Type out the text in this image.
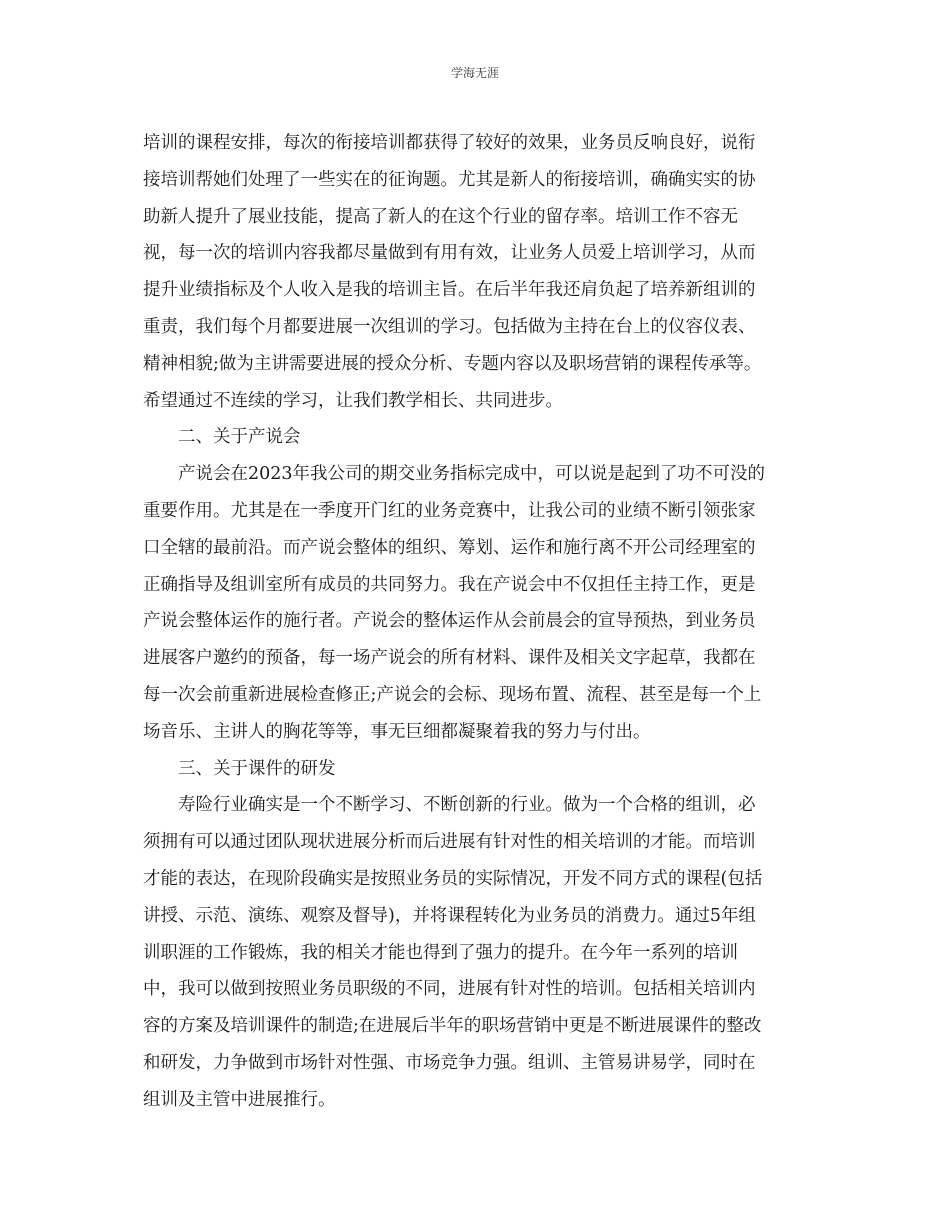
学海无涯
培训的课程安排，每次的衔接培训都获得了较好的效果，业务员反响良好，说衔
接培训帮她们处理了一些实在的征询题。尤其是新人的衔接培训，确确实实的协
助新人提升了展业技能，提高了新人的在这个行业的留存率。培训工作不容无
视，每一次的培训内容我都尽量做到有用有效，让业务人员爱上培训学习，从而
提升业绩指标及个人收入是我的培训主旨。在后半年我还肩负起了培养新组训的
重责，我们每个月都要进展一次组训的学习。包括做为主持在台上的仪容仪表、
精神相貌;做为主讲需要进展的授众分析、专题内容以及职场营销的课程传承等。
希望通过不连续的学习，让我们教学相长、共同进步。
二、关于产说会
产说会在2023年我公司的期交业务指标完成中，可以说是起到了功不可没的
重要作用。尤其是在一季度开门红的业务竞赛中，让我公司的业绩不断引领张家
口全辖的最前沿。而产说会整体的组织、筹划、运作和施行离不开公司经理室的
正确指导及组训室所有成员的共同努力。我在产说会中不仅担任主持工作，更是
产说会整体运作的施行者。产说会的整体运作从会前晨会的宣导预热，到业务员
进展客户邀约的预备，每一场产说会的所有材料、课件及相关文字起草，我都在
每一次会前重新进展检查修正;产说会的会标、现场布置、流程、甚至是每一个上
场音乐、主讲人的胸花等等，事无巨细都凝聚着我的努力与付出。
三、关于课件的研发
寿险行业确实是一个不断学习、不断创新的行业。做为一个合格的组训，必
须拥有可以通过团队现状进展分析而后进展有针对性的相关培训的才能。而培训
才能的表达，在现阶段确实是按照业务员的实际情况，开发不同方式的课程(包括
讲授、示范、演练、观察及督导)，并将课程转化为业务员的消费力。通过5年组
训职涯的工作锻炼，我的相关才能也得到了强力的提升。在今年一系列的培训
中，我可以做到按照业务员职级的不同，进展有针对性的培训。包括相关培训内
容的方案及培训课件的制造;在进展后半年的职场营销中更是不断进展课件的整改
和研发，力争做到市场针对性强、市场竞争力强。组训、主管易讲易学，同时在
组训及主管中进展推行。
